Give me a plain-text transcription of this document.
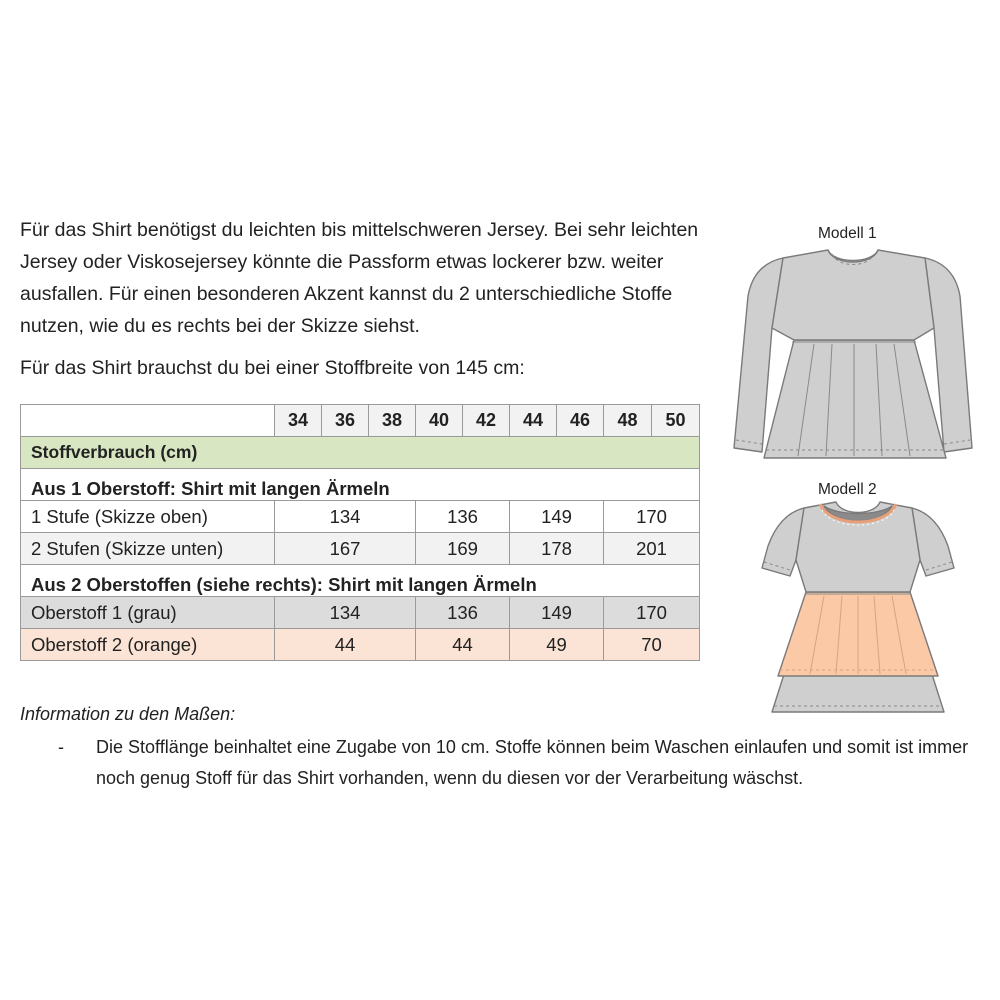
Für das Shirt benötigst du leichten bis mittelschweren Jersey. Bei sehr leichten Jersey oder Viskosejersey könnte die Passform etwas lockerer bzw. weiter ausfallen. Für einen besonderen Akzent kannst du 2 unterschiedliche Stoffe nutzen, wie du es rechts bei der Skizze siehst.

Für das Shirt brauchst du bei einer Stoffbreite von 145 cm:

	34	36	38	40	42	44	46	48	50
Stoffverbrauch (cm)									
Aus 1 Oberstoff: Shirt mit langen Ärmeln									
1 Stufe (Skizze oben)	134			136		149		170	
2 Stufen (Skizze unten)	167			169		178		201	
Aus 2 Oberstoffen (siehe rechts): Shirt mit langen Ärmeln									
Oberstoff 1 (grau)	134			136		149		170	
Oberstoff 2 (orange)	44			44		49		70	

Information zu den Maßen:

- Die Stofflänge beinhaltet eine Zugabe von 10 cm. Stoffe können beim Waschen einlaufen und somit ist immer noch genug Stoff für das Shirt vorhanden, wenn du diesen vor der Verarbeitung wäschst.

Modell 1
Modell 2
